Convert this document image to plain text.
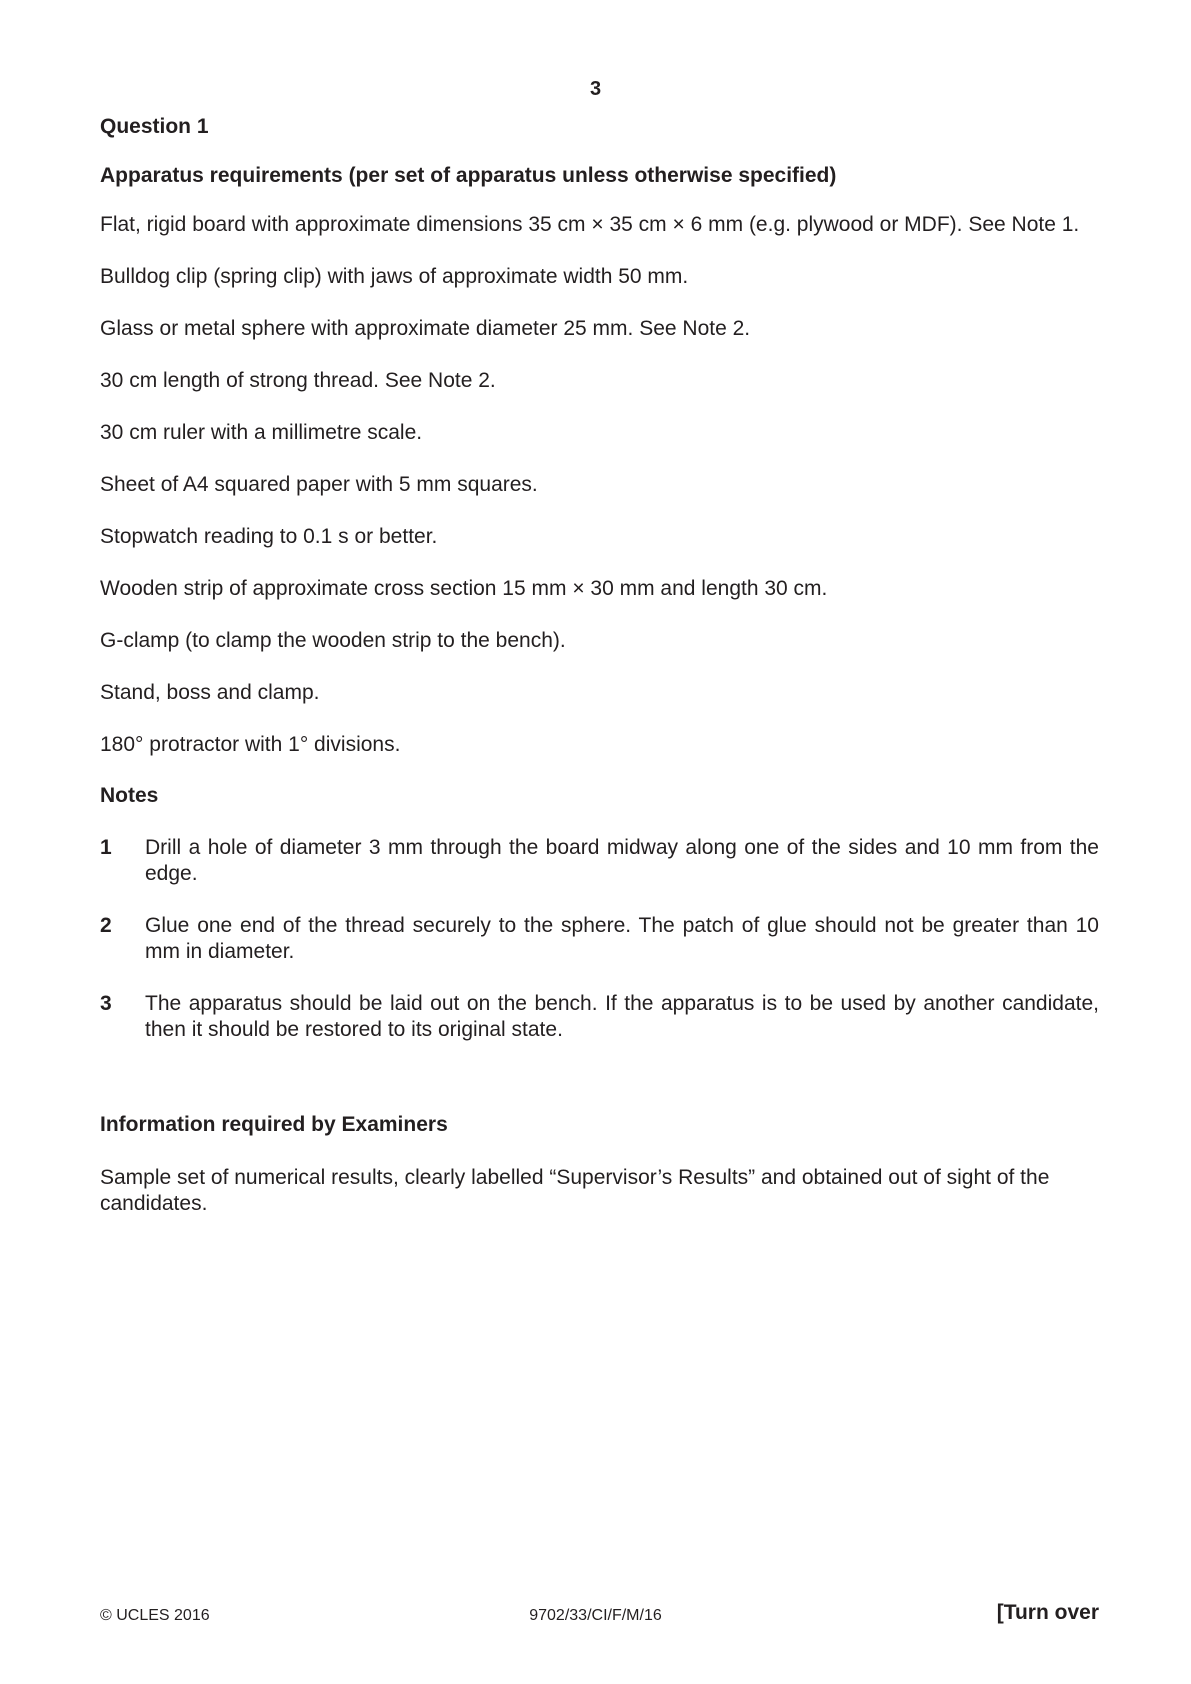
3
Question 1
Apparatus requirements (per set of apparatus unless otherwise specified)
Flat, rigid board with approximate dimensions 35 cm × 35 cm × 6 mm (e.g. plywood or MDF). See Note 1.
Bulldog clip (spring clip) with jaws of approximate width 50 mm.
Glass or metal sphere with approximate diameter 25 mm. See Note 2.
30 cm length of strong thread. See Note 2.
30 cm ruler with a millimetre scale.
Sheet of A4 squared paper with 5 mm squares.
Stopwatch reading to 0.1 s or better.
Wooden strip of approximate cross section 15 mm × 30 mm and length 30 cm.
G-clamp (to clamp the wooden strip to the bench).
Stand, boss and clamp.
180° protractor with 1° divisions.
Notes
1 Drill a hole of diameter 3 mm through the board midway along one of the sides and 10 mm from the edge.
2 Glue one end of the thread securely to the sphere. The patch of glue should not be greater than 10 mm in diameter.
3 The apparatus should be laid out on the bench. If the apparatus is to be used by another candidate, then it should be restored to its original state.
Information required by Examiners
Sample set of numerical results, clearly labelled “Supervisor’s Results” and obtained out of sight of the candidates.
© UCLES 2016	9702/33/CI/F/M/16	[Turn over
